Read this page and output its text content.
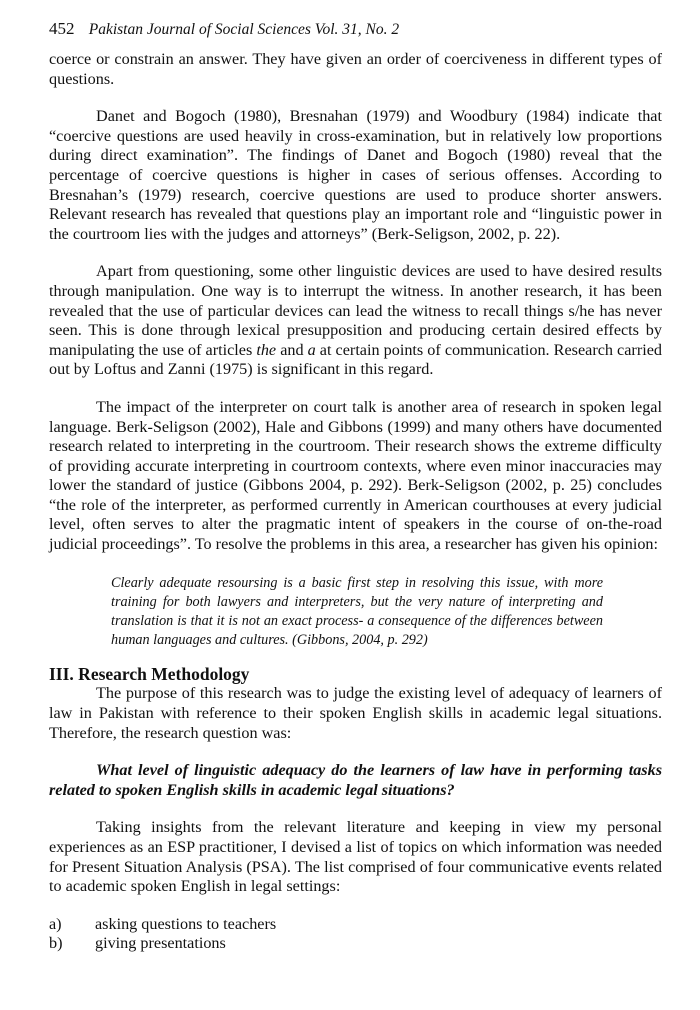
452 Pakistan Journal of Social Sciences Vol. 31, No. 2

coerce or constrain an answer. They have given an order of coerciveness in different types of questions.

Danet and Bogoch (1980), Bresnahan (1979) and Woodbury (1984) indicate that “coercive questions are used heavily in cross-examination, but in relatively low proportions during direct examination”. The findings of Danet and Bogoch (1980) reveal that the percentage of coercive questions is higher in cases of serious offenses. According to Bresnahan’s (1979) research, coercive questions are used to produce shorter answers. Relevant research has revealed that questions play an important role and “linguistic power in the courtroom lies with the judges and attorneys” (Berk-Seligson, 2002, p. 22).

Apart from questioning, some other linguistic devices are used to have desired results through manipulation. One way is to interrupt the witness. In another research, it has been revealed that the use of particular devices can lead the witness to recall things s/he has never seen. This is done through lexical presupposition and producing certain desired effects by manipulating the use of articles the and a at certain points of communication. Research carried out by Loftus and Zanni (1975) is significant in this regard.

The impact of the interpreter on court talk is another area of research in spoken legal language. Berk-Seligson (2002), Hale and Gibbons (1999) and many others have documented research related to interpreting in the courtroom. Their research shows the extreme difficulty of providing accurate interpreting in courtroom contexts, where even minor inaccuracies may lower the standard of justice (Gibbons 2004, p. 292). Berk-Seligson (2002, p. 25) concludes “the role of the interpreter, as performed currently in American courthouses at every judicial level, often serves to alter the pragmatic intent of speakers in the course of on-the-road judicial proceedings”. To resolve the problems in this area, a researcher has given his opinion:

Clearly adequate resoursing is a basic first step in resolving this issue, with more training for both lawyers and interpreters, but the very nature of interpreting and translation is that it is not an exact process- a consequence of the differences between human languages and cultures. (Gibbons, 2004, p. 292)
III. Research Methodology

The purpose of this research was to judge the existing level of adequacy of learners of law in Pakistan with reference to their spoken English skills in academic legal situations. Therefore, the research question was:

What level of linguistic adequacy do the learners of law have in performing tasks related to spoken English skills in academic legal situations?

Taking insights from the relevant literature and keeping in view my personal experiences as an ESP practitioner, I devised a list of topics on which information was needed for Present Situation Analysis (PSA). The list comprised of four communicative events related to academic spoken English in legal settings:

a)	asking questions to teachers
b)	giving presentations
